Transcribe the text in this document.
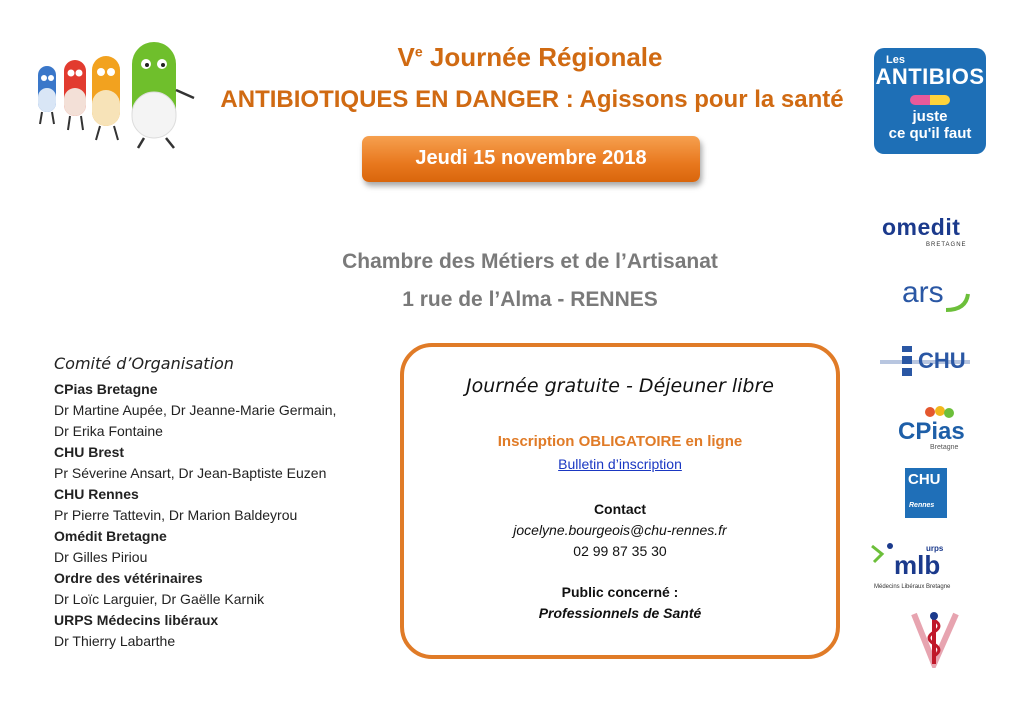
Ve Journée Régionale
ANTIBIOTIQUES EN DANGER : Agissons pour la santé
Jeudi 15 novembre 2018
Les
ANTIBIOS
juste
ce qu'il faut
Chambre des Métiers et de l’Artisanat
1 rue de l’Alma - RENNES
Comité d’Organisation
CPias Bretagne
Dr Martine Aupée, Dr Jeanne-Marie Germain,
Dr Erika Fontaine
CHU Brest
Pr Séverine Ansart, Dr Jean-Baptiste Euzen
CHU Rennes
Pr Pierre Tattevin, Dr Marion Baldeyrou
Omédit Bretagne
Dr Gilles Piriou
Ordre des vétérinaires
Dr Loïc Larguier, Dr Gaëlle Karnik
URPS Médecins libéraux
Dr Thierry Labarthe
Journée gratuite - Déjeuner libre
Inscription OBLIGATOIRE en ligne
Bulletin d’inscription
Contact
jocelyne.bourgeois@chu-rennes.fr
02 99 87 35 30
Public concerné :
Professionnels de Santé
omedit
BRETAGNE
ars
CHU
CPias
Bretagne
CHU
Rennes
urps
mlb
Médecins Libéraux Bretagne
